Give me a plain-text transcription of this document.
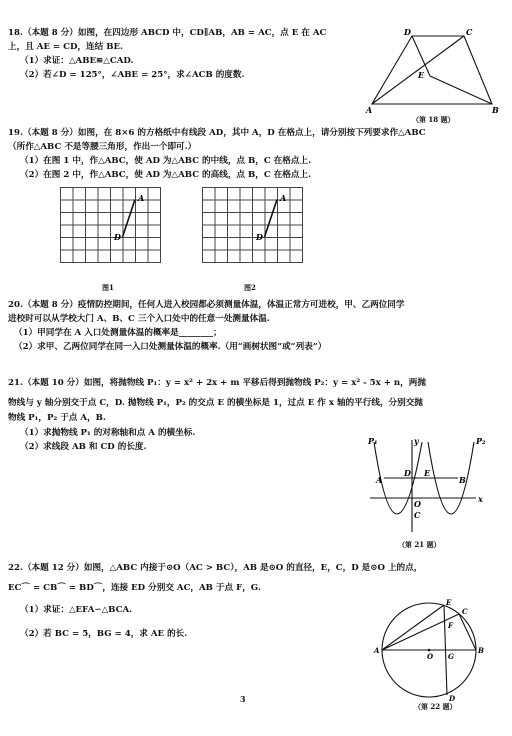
18.（本题 8 分）如图，在四边形 ABCD 中，CD∥AB，AB = AC，点 E 在 AC
上，且 AE = CD，连结 BE.
（1）求证：△ABE≌△CAD.
（2）若∠D = 125°，∠ABE = 25°，求∠ACB 的度数.
D	C
E
A	B
（第 18 题）
19.（本题 8 分）如图，在 8×6 的方格纸中有线段 AD，其中 A，D 在格点上，请分别按下列要求作△ABC
（所作△ABC 不是等腰三角形，作出一个即可.）
（1）在图 1 中，作△ABC，使 AD 为△ABC 的中线，点 B，C 在格点上.
（2）在图 2 中，作△ABC，使 AD 为△ABC 的高线，点 B，C 在格点上.
A
D
图1
A
D
图2
20.（本题 8 分）疫情防控期间，任何人进入校园都必须测量体温，体温正常方可进校，甲、乙两位同学
进校时可以从学校大门 A、B、C 三个入口处中的任意一处测量体温.
（1）甲同学在 A 入口处测量体温的概率是________；
（2）求甲、乙两位同学在同一入口处测量体温的概率.（用“画树状图”或“列表”）
21.（本题 10 分）如图，将抛物线 P₁：y = x² + 2x + m 平移后得到抛物线 P₂：y = x² - 5x + n，两抛
物线与 y 轴分别交于点 C，D. 抛物线 P₁，P₂ 的交点 E 的横坐标是 1，过点 E 作 x 轴的平行线，分别交抛
物线 P₁，P₂ 于点 A，B.
（1）求抛物线 P₁ 的对称轴和点 A 的横坐标.
（2）求线段 AB 和 CD 的长度.
P₁	y	P₂
D
A
E
B
O	x
C
（第 21 题）
22.（本题 12 分）如图，△ABC 内接于⊙O（AC > BC），AB 是⊙O 的直径，E，C，D 是⊙O 上的点，
EC⌒ = CB⌒ = BD⌒，连接 ED 分别交 AC，AB 于点 F，G.
（1）求证：△EFA∽△BCA.
（2）若 BC = 5，BG = 4，求 AE 的长.
E
C
F
A
O G
B
D
（第 22 题）
3
